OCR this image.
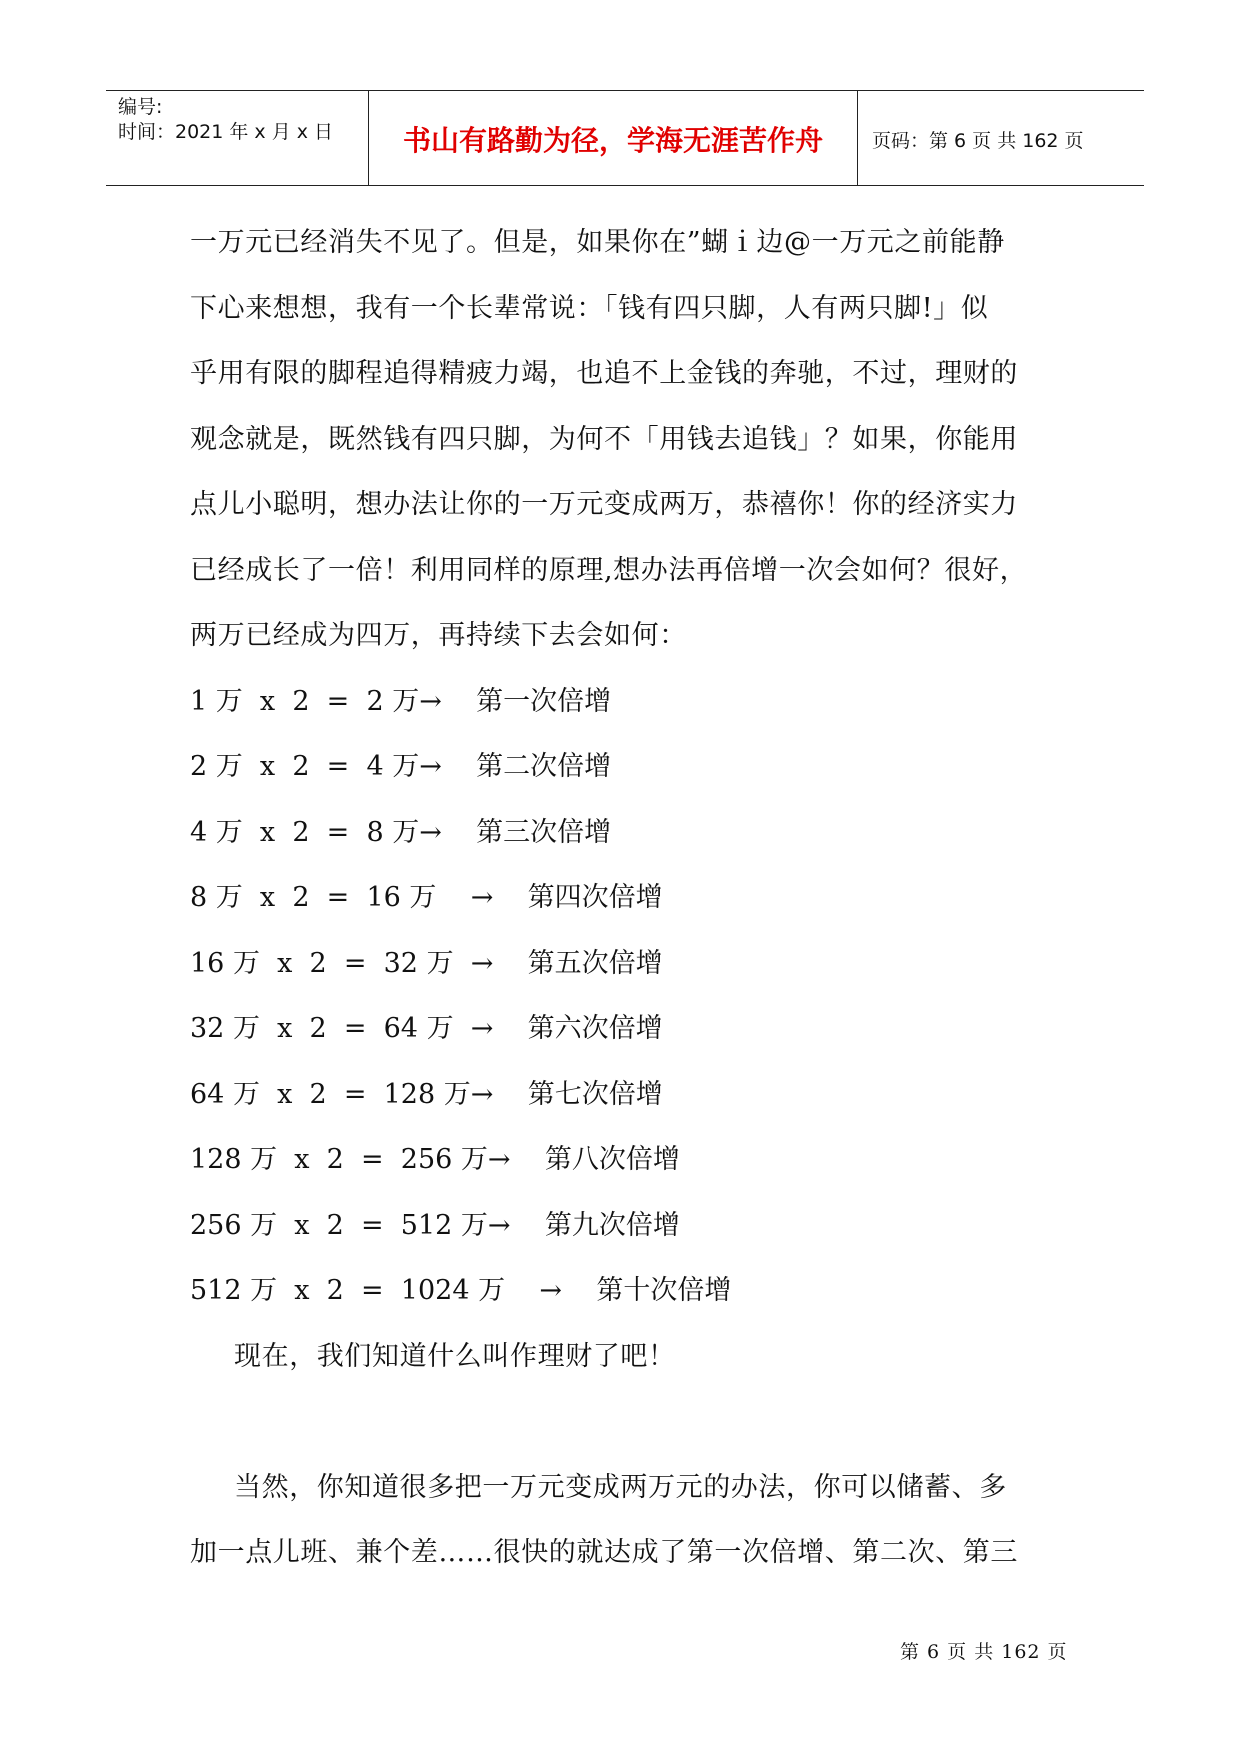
编号:
时间：2021 年 x 月 x 日	书山有路勤为径，学海无涯苦作舟	页码：第 6 页 共 162 页
一万元已经消失不见了。但是，如果你在”蝴ｉ边@一万元之前能静
下心来想想，我有一个长辈常说：「钱有四只脚，人有两只脚!」似
乎用有限的脚程追得精疲力竭，也追不上金钱的奔驰，不过，理财的
观念就是，既然钱有四只脚，为何不「用钱去追钱」？如果，你能用
点儿小聪明，想办法让你的一万元变成两万，恭禧你！你的经济实力
已经成长了一倍！利用同样的原理,想办法再倍增一次会如何？很好，
两万已经成为四万，再持续下去会如何：
1 万  x  2  =  2 万→    第一次倍增
2 万  x  2  =  4 万→    第二次倍增
4 万  x  2  =  8 万→    第三次倍增
8 万  x  2  =  16 万    →    第四次倍增
16 万  x  2  =  32 万  →    第五次倍增
32 万  x  2  =  64 万  →    第六次倍增
64 万  x  2  =  128 万→    第七次倍增
128 万  x  2  =  256 万→    第八次倍增
256 万  x  2  =  512 万→    第九次倍增
512 万  x  2  =  1024 万    →    第十次倍增
现在，我们知道什么叫作理财了吧！
当然，你知道很多把一万元变成两万元的办法，你可以储蓄、多
加一点儿班、兼个差……很快的就达成了第一次倍增、第二次、第三
第 6 页 共 162 页
